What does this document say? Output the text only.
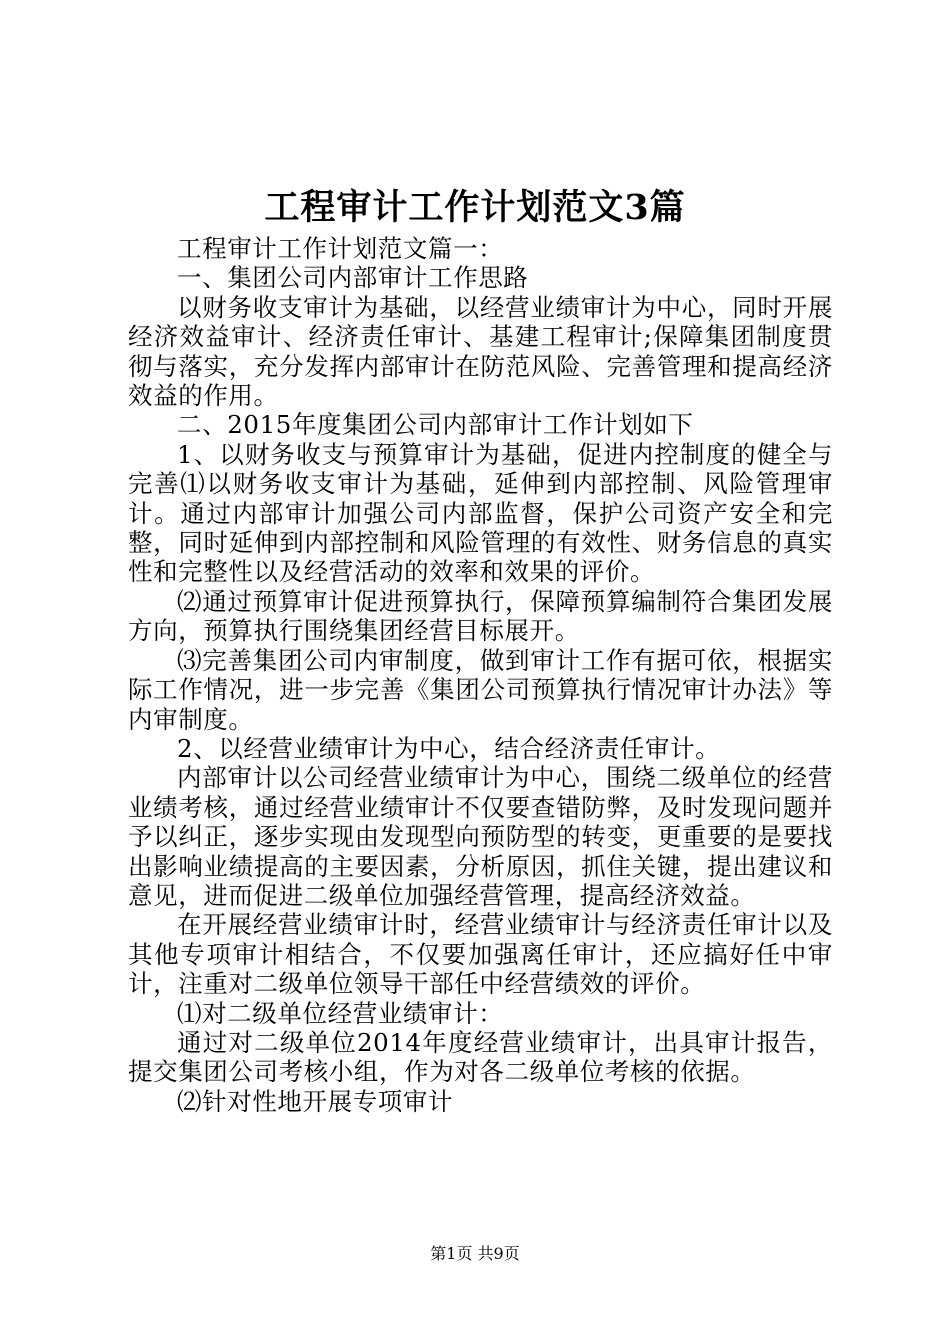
工程审计工作计划范文3篇

工程审计工作计划范文篇一：

一、集团公司内部审计工作思路

以财务收支审计为基础，以经营业绩审计为中心，同时开展经济效益审计、经济责任审计、基建工程审计;保障集团制度贯彻与落实，充分发挥内部审计在防范风险、完善管理和提高经济效益的作用。

二、2015年度集团公司内部审计工作计划如下

1、以财务收支与预算审计为基础，促进内控制度的健全与完善⑴以财务收支审计为基础，延伸到内部控制、风险管理审计。通过内部审计加强公司内部监督，保护公司资产安全和完整，同时延伸到内部控制和风险管理的有效性、财务信息的真实性和完整性以及经营活动的效率和效果的评价。

⑵通过预算审计促进预算执行，保障预算编制符合集团发展方向，预算执行围绕集团经营目标展开。

⑶完善集团公司内审制度，做到审计工作有据可依，根据实际工作情况，进一步完善《集团公司预算执行情况审计办法》等内审制度。

2、以经营业绩审计为中心，结合经济责任审计。

内部审计以公司经营业绩审计为中心，围绕二级单位的经营业绩考核，通过经营业绩审计不仅要查错防弊，及时发现问题并予以纠正，逐步实现由发现型向预防型的转变，更重要的是要找出影响业绩提高的主要因素，分析原因，抓住关键，提出建议和意见，进而促进二级单位加强经营管理，提高经济效益。

在开展经营业绩审计时，经营业绩审计与经济责任审计以及其他专项审计相结合，不仅要加强离任审计，还应搞好任中审计，注重对二级单位领导干部任中经营绩效的评价。

⑴对二级单位经营业绩审计：

通过对二级单位2014年度经营业绩审计，出具审计报告，提交集团公司考核小组，作为对各二级单位考核的依据。

⑵针对性地开展专项审计

第1页 共9页
